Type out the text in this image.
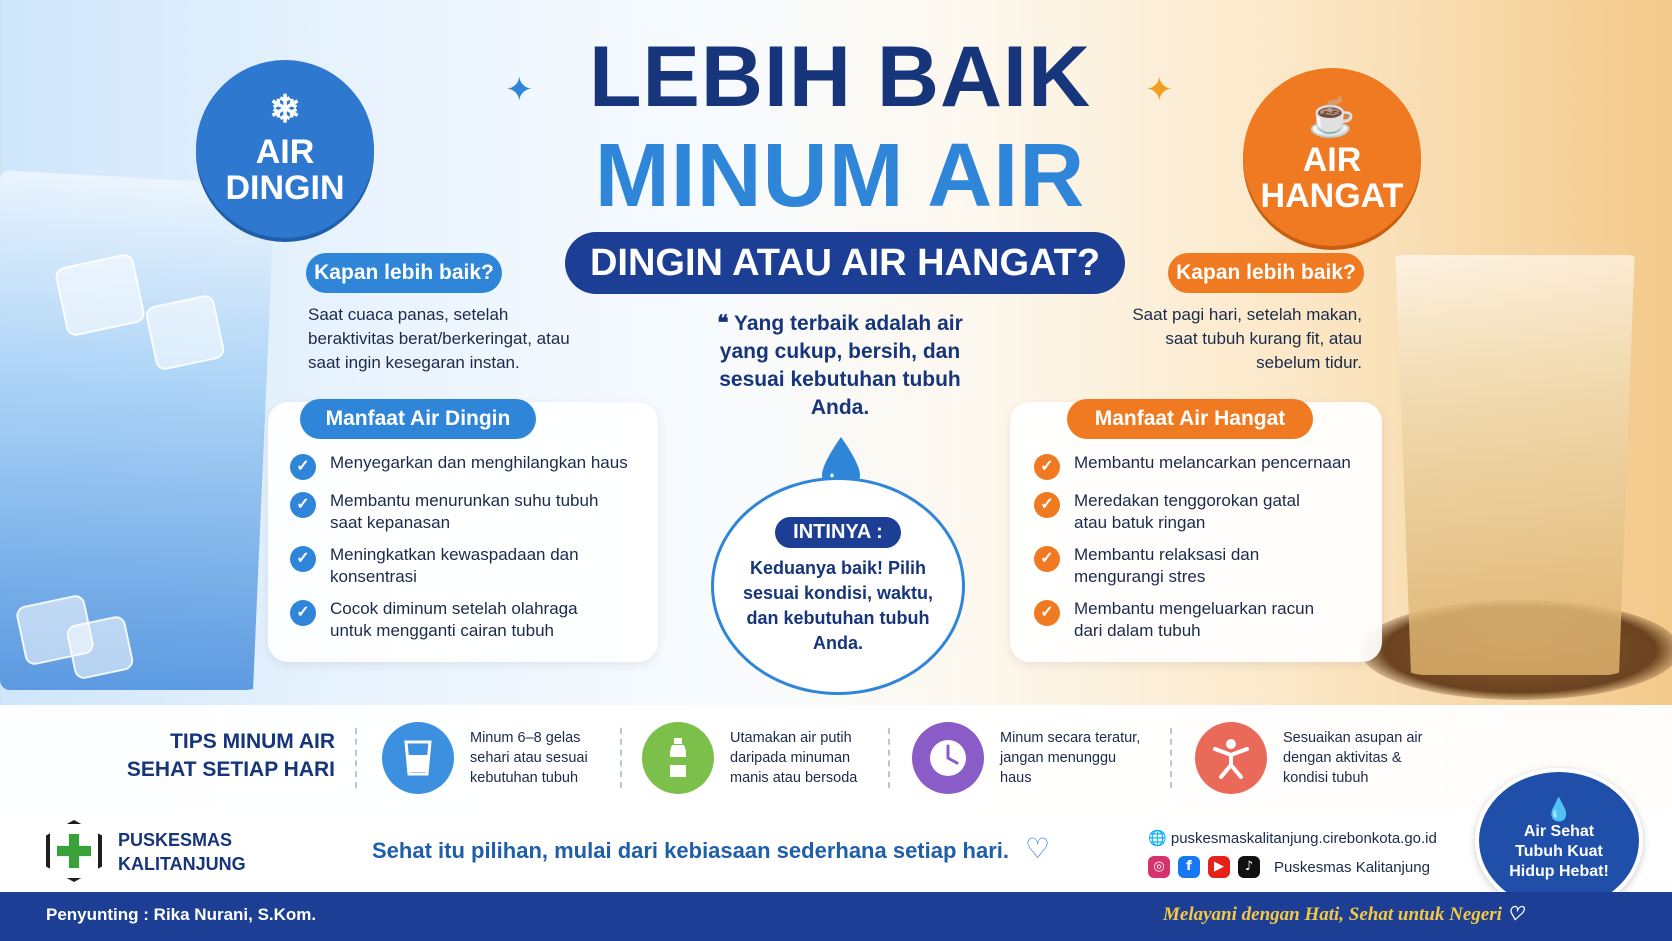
❄
AIR
DINGIN
☕
AIR
HANGAT
✦	✦
LEBIH BAIK
MINUM AIR
DINGIN ATAU AIR HANGAT?
Kapan lebih baik?
Saat cuaca panas, setelah beraktivitas berat/berkeringat, atau saat ingin kesegaran instan.
Kapan lebih baik?
Saat pagi hari, setelah makan, saat tubuh kurang fit, atau sebelum tidur.
Manfaat Air Dingin
✓	Menyegarkan dan menghilangkan haus
✓	Membantu menurunkan suhu tubuh saat kepanasan
✓	Meningkatkan kewaspadaan dan konsentrasi
✓	Cocok diminum setelah olahraga untuk mengganti cairan tubuh
Manfaat Air Hangat
✓	Membantu melancarkan pencernaan
✓	Meredakan tenggorokan gatal atau batuk ringan
✓	Membantu relaksasi dan mengurangi stres
✓	Membantu mengeluarkan racun dari dalam tubuh
❝ Yang terbaik adalah air yang cukup, bersih, dan sesuai kebutuhan tubuh Anda.
INTINYA :
Keduanya baik! Pilih sesuai kondisi, waktu, dan kebutuhan tubuh Anda.
TIPS MINUM AIR
SEHAT SETIAP HARI
Minum 6–8 gelas sehari atau sesuai kebutuhan tubuh
Utamakan air putih daripada minuman manis atau bersoda
Minum secara teratur, jangan menunggu haus
Sesuaikan asupan air dengan aktivitas & kondisi tubuh
PUSKESMAS
KALITANJUNG
Sehat itu pilihan, mulai dari kebiasaan sederhana setiap hari. ♡	🌐 puskesmaskalitanjung.cirebonkota.go.id
◎	f	▶	♪	Puskesmas Kalitanjung
💧
Air Sehat
Tubuh Kuat
Hidup Hebat!
Penyunting : Rika Nurani, S.Kom.	Melayani dengan Hati, Sehat untuk Negeri ♡
